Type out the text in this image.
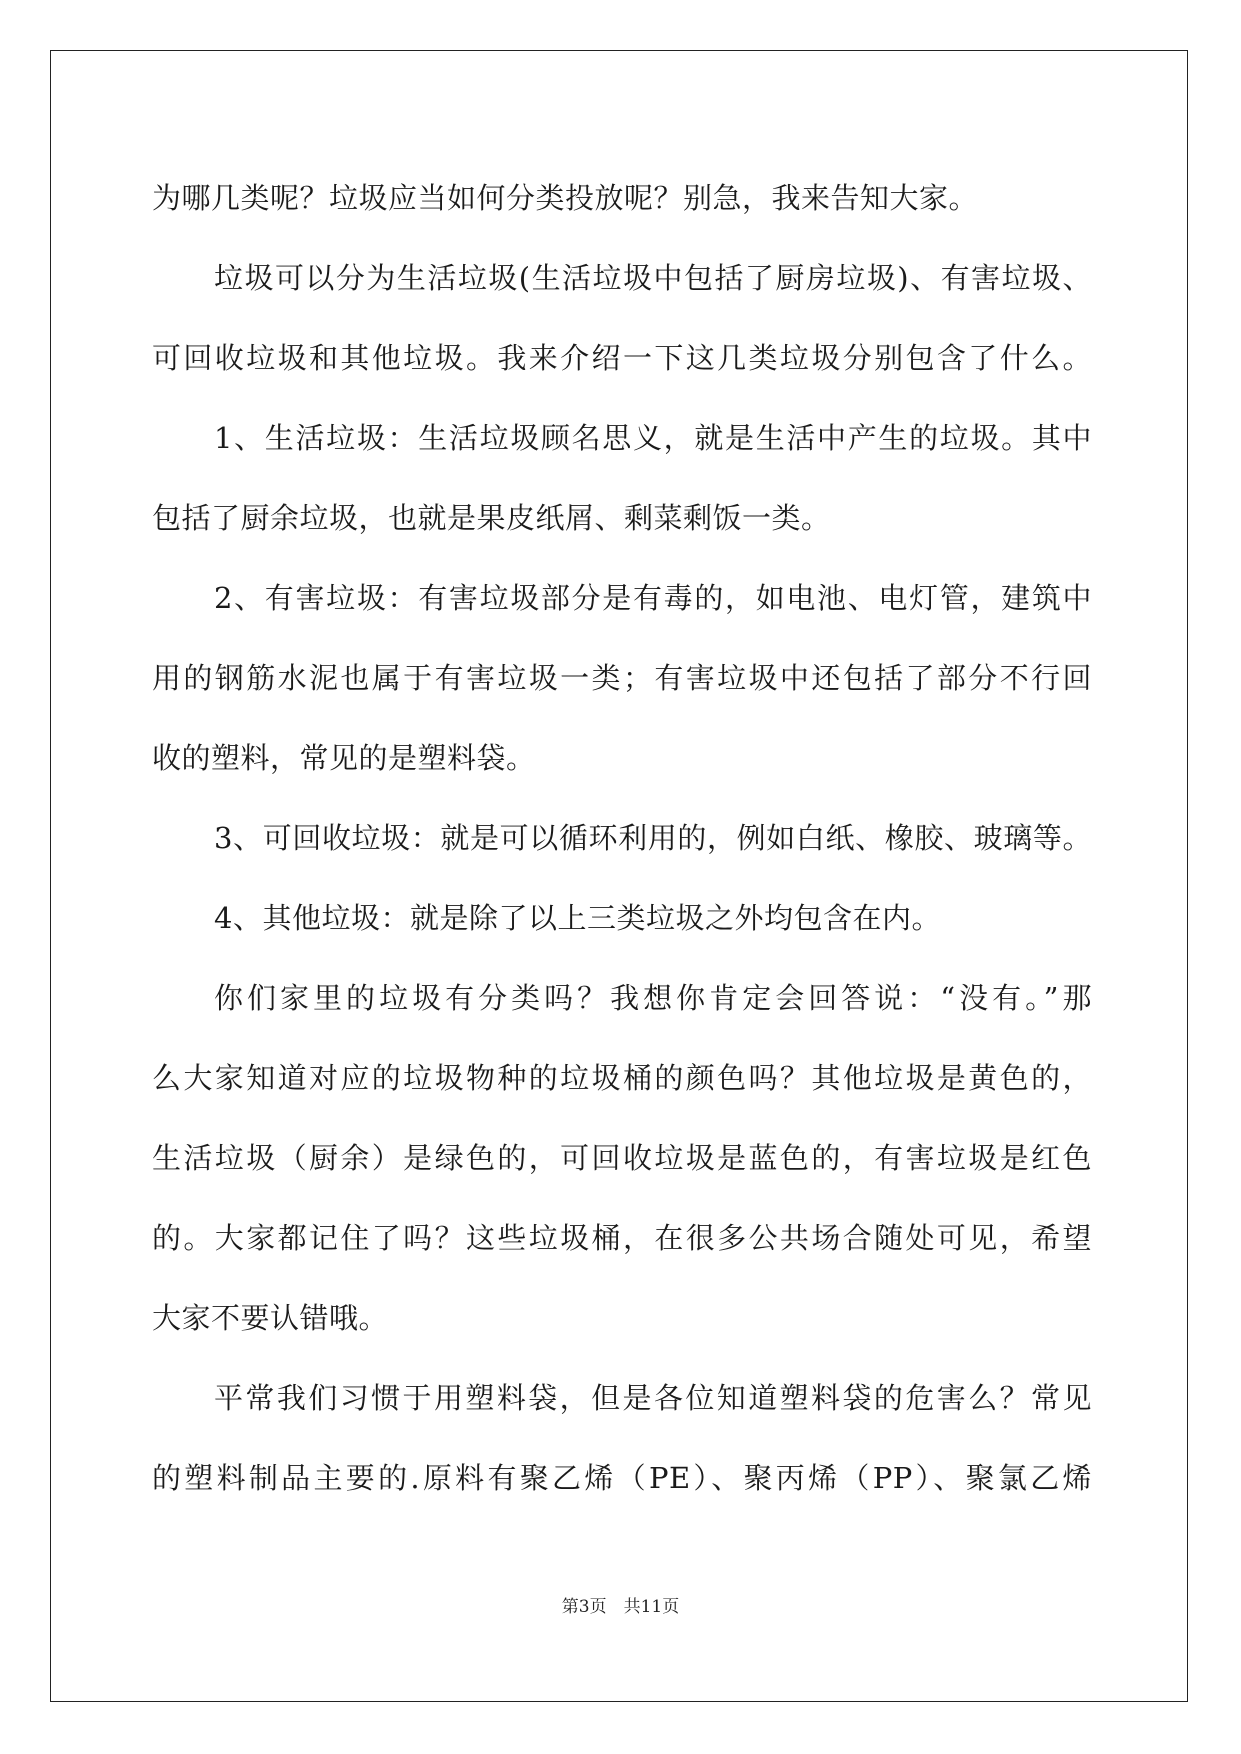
为哪几类呢？垃圾应当如何分类投放呢？别急，我来告知大家。
垃圾可以分为生活垃圾(生活垃圾中包括了厨房垃圾)、有害垃圾、
可回收垃圾和其他垃圾。我来介绍一下这几类垃圾分别包含了什么。
1、生活垃圾：生活垃圾顾名思义，就是生活中产生的垃圾。其中
包括了厨余垃圾，也就是果皮纸屑、剩菜剩饭一类。
2、有害垃圾：有害垃圾部分是有毒的，如电池、电灯管，建筑中
用的钢筋水泥也属于有害垃圾一类；有害垃圾中还包括了部分不行回
收的塑料，常见的是塑料袋。
3、可回收垃圾：就是可以循环利用的，例如白纸、橡胶、玻璃等。
4、其他垃圾：就是除了以上三类垃圾之外均包含在内。
你们家里的垃圾有分类吗？我想你肯定会回答说：“没有。”那
么大家知道对应的垃圾物种的垃圾桶的颜色吗？其他垃圾是黄色的，
生活垃圾（厨余）是绿色的，可回收垃圾是蓝色的，有害垃圾是红色
的。大家都记住了吗？这些垃圾桶，在很多公共场合随处可见，希望
大家不要认错哦。
平常我们习惯于用塑料袋，但是各位知道塑料袋的危害么？常见
的塑料制品主要的.原料有聚乙烯（PE）、聚丙烯（PP）、聚氯乙烯
第3页　共11页
